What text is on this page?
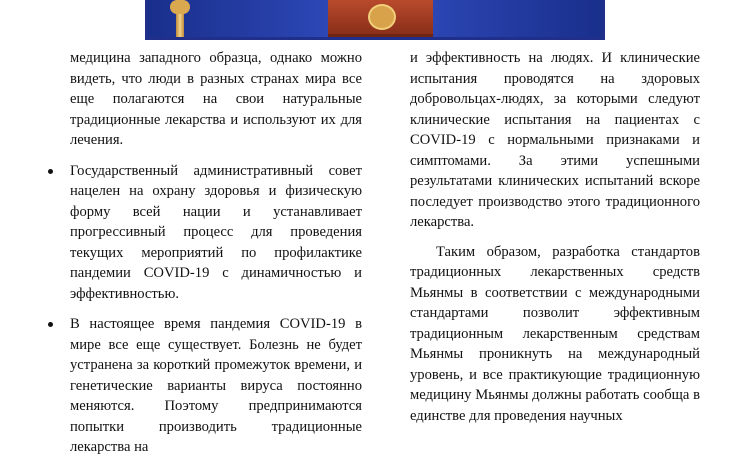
медицина западного образца, однако можно видеть, что люди в разных странах мира все еще полагаются на свои натуральные традиционные лекарства и используют их для лечения.

Государственный административный совет нацелен на охрану здоровья и физическую форму всей нации и устанавливает прогрессивный процесс для проведения текущих мероприятий по профилактике пандемии COVID-19 с динамичностью и эффективностью.

В настоящее время пандемия COVID-19 в мире все еще существует. Болезнь не будет устранена за короткий промежуток времени, и генетические варианты вируса постоянно меняются. Поэтому предпринимаются попытки производить традиционные лекарства на

и эффективность на людях. И клинические испытания проводятся на здоровых добровольцах-людях, за которыми следуют клинические испытания на пациентах с COVID-19 с нормальными признаками и симптомами. За этими успешными результатами клинических испытаний вскоре последует производство этого традиционного лекарства.

Таким образом, разработка стандартов традиционных лекарственных средств Мьянмы в соответствии с международными стандартами позволит эффективным традиционным лекарственным средствам Мьянмы проникнуть на международный уровень, и все практикующие традиционную медицину Мьянмы должны работать сообща в единстве для проведения научных
